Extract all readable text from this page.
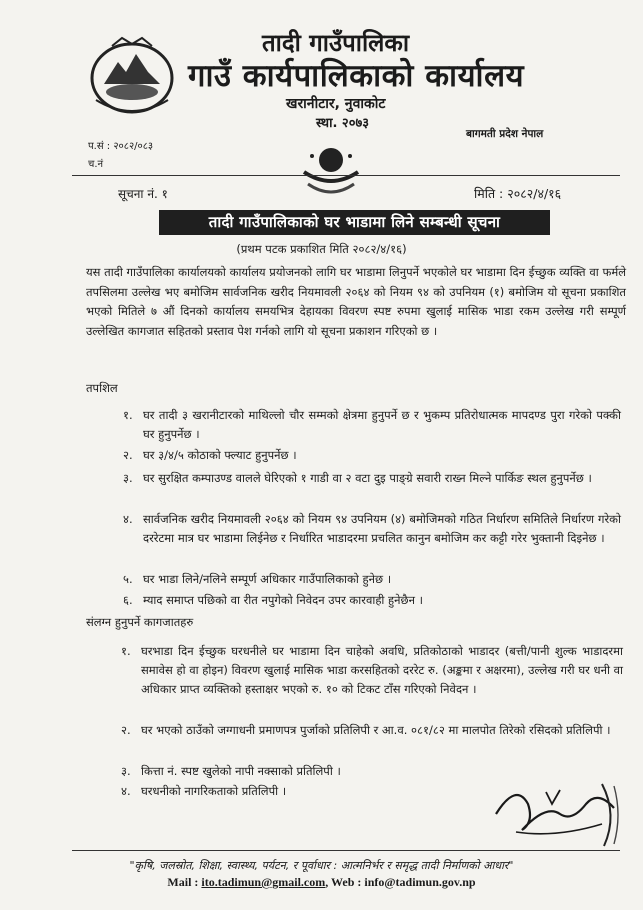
तादी गाउँपालिका
गाउँ कार्यपालिकाको कार्यालय
खरानीटार, नुवाकोट
स्था. २०७३
बागमती प्रदेश नेपाल
प.सं : २०८२/०८३
च.नं
सूचना नं. १	मिति : २०८२/४/१६
तादी गाउँपालिकाको घर भाडामा लिने सम्बन्धी सूचना
(प्रथम पटक प्रकाशित मिति २०८२/४/१६)
यस तादी गाउँपालिका कार्यालयको कार्यालय प्रयोजनको लागि घर भाडामा लिनुपर्ने भएकोले घर भाडामा दिन ईच्छुक व्यक्ति वा फर्मले तपसिलमा उल्लेख भए बमोजिम सार्वजनिक खरीद नियमावली २०६४ को नियम ९४ को उपनियम (१) बमोजिम यो सूचना प्रकाशित भएको मितिले ७ औं दिनको कार्यालय समयभित्र देहायका विवरण स्पष्ट रुपमा खुलाई मासिक भाडा रकम उल्लेख गरी सम्पूर्ण उल्लेखित कागजात सहितको प्रस्ताव पेश गर्नको लागि यो सूचना प्रकाशन गरिएको छ ।
तपशिल
१. घर तादी ३ खरानीटारको माथिल्लो चौर सम्मको क्षेत्रमा हुनुपर्ने छ र भुकम्प प्रतिरोधात्मक मापदण्ड पुरा गरेको पक्की घर हुनुपर्नेछ ।
२. घर ३/४/५ कोठाको फ्ल्याट हुनुपर्नेछ ।
३. घर सुरक्षित कम्पाउण्ड वालले घेरिएको १ गाडी वा २ वटा दुइ पाङ्ग्रे सवारी राख्न मिल्ने पार्किङ स्थल हुनुपर्नेछ ।
४. सार्वजनिक खरीद नियमावली २०६४ को नियम ९४ उपनियम (४) बमोजिमको गठित निर्धारण समितिले निर्धारण गरेको दररेटमा मात्र घर भाडामा लिईनेछ र निर्धारित भाडादरमा प्रचलित कानुन बमोजिम कर कट्टी गरेर भुक्तानी दिइनेछ ।
५. घर भाडा लिने/नलिने सम्पूर्ण अधिकार गाउँपालिकाको हुनेछ ।
६. म्याद समाप्त पछिको वा रीत नपुगेको निवेदन उपर कारवाही हुनेछैन ।
संलग्न हुनुपर्ने कागजातहरु
१. घरभाडा दिन ईच्छुक घरधनीले घर भाडामा दिन चाहेको अवधि, प्रतिकोठाको भाडादर (बत्ती/पानी शुल्क भाडादरमा समावेस हो वा होइन) विवरण खुलाई मासिक भाडा करसहितको दररेट रु. (अङ्कमा र अक्षरमा), उल्लेख गरी घर धनी वा अधिकार प्राप्त व्यक्तिको हस्ताक्षर भएको रु. १० को टिकट टाँस गरिएको निवेदन ।
२. घर भएको ठाउँको जग्गाधनी प्रमाणपत्र पुर्जाको प्रतिलिपी र आ.व. ०८१/८२ मा मालपोत तिरेको रसिदको प्रतिलिपी ।
३. कित्ता नं. स्पष्ट खुलेको नापी नक्साको प्रतिलिपी ।
४. घरधनीको नागरिकताको प्रतिलिपी ।
"कृषि, जलस्रोत, शिक्षा, स्वास्थ्य, पर्यटन, र पूर्वाधार : आत्मनिर्भर र समृद्ध तादी निर्माणको आधार"
Mail : ito.tadimun@gmail.com, Web : info@tadimun.gov.np
